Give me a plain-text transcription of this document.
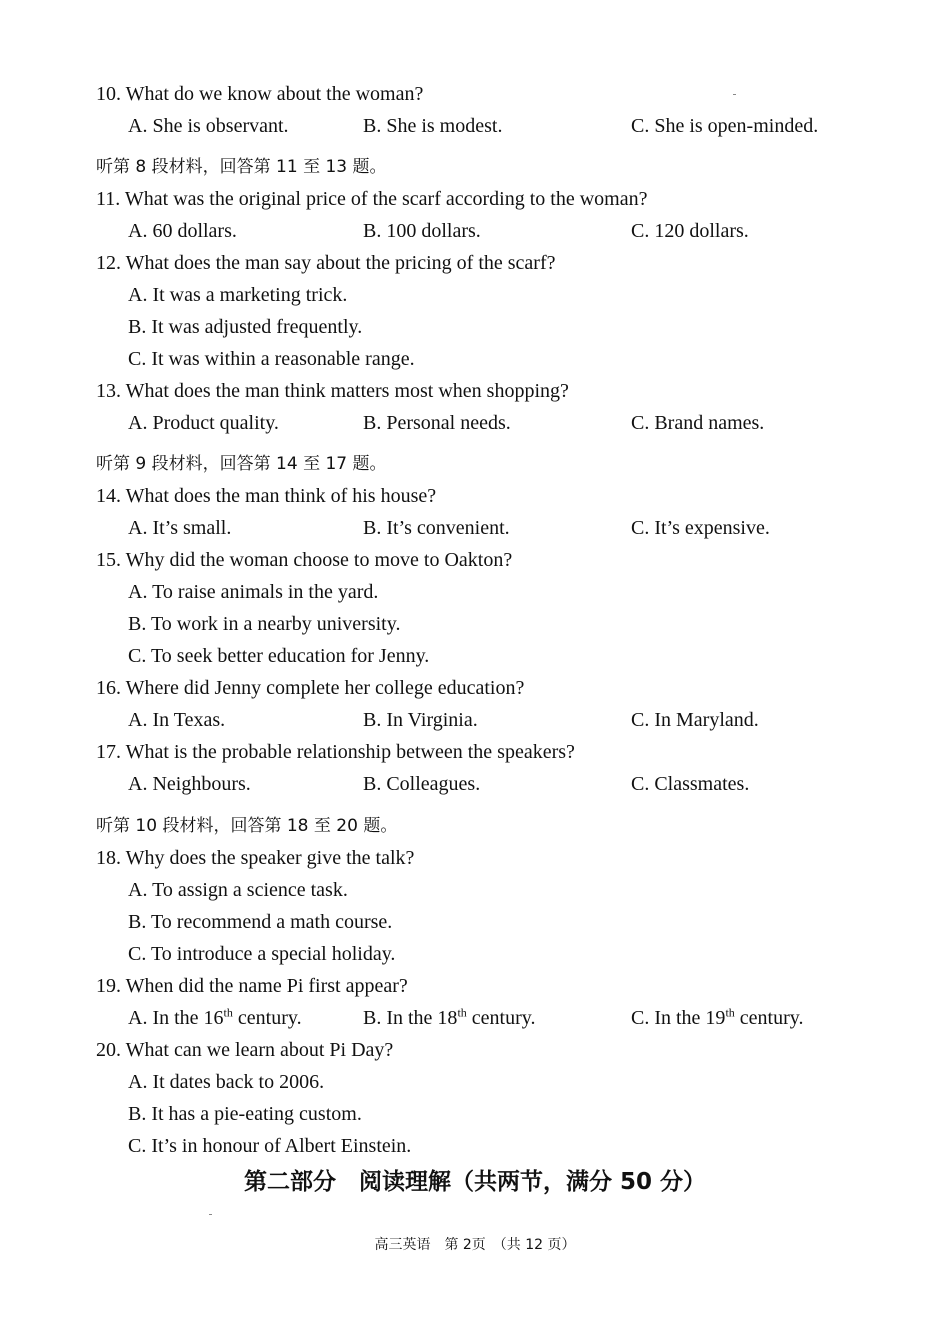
10. What do we know about the woman?
A. She is observant.	B. She is modest.	C. She is open-minded.
听第 8 段材料，回答第 11 至 13 题。
11. What was the original price of the scarf according to the woman?
A. 60 dollars.	B. 100 dollars.	C. 120 dollars.
12. What does the man say about the pricing of the scarf?
A. It was a marketing trick.
B. It was adjusted frequently.
C. It was within a reasonable range.
13. What does the man think matters most when shopping?
A. Product quality.	B. Personal needs.	C. Brand names.
听第 9 段材料，回答第 14 至 17 题。
14. What does the man think of his house?
A. It’s small.	B. It’s convenient.	C. It’s expensive.
15. Why did the woman choose to move to Oakton?
A. To raise animals in the yard.
B. To work in a nearby university.
C. To seek better education for Jenny.
16. Where did Jenny complete her college education?
A. In Texas.	B. In Virginia.	C. In Maryland.
17. What is the probable relationship between the speakers?
A. Neighbours.	B. Colleagues.	C. Classmates.
听第 10 段材料，回答第 18 至 20 题。
18. Why does the speaker give the talk?
A. To assign a science task.
B. To recommend a math course.
C. To introduce a special holiday.
19. When did the name Pi first appear?
A. In the 16th century.	B. In the 18th century.	C. In the 19th century.
20. What can we learn about Pi Day?
A. It dates back to 2006.
B. It has a pie-eating custom.
C. It’s in honour of Albert Einstein.
第二部分　阅读理解（共两节，满分 50 分）
高三英语　第 2页　（共 12 页）
